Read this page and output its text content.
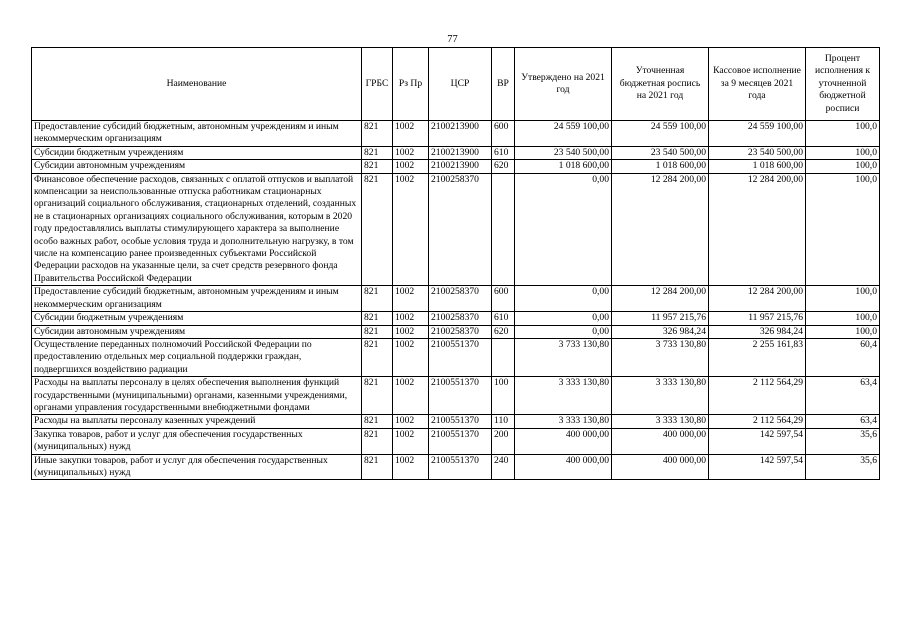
77
Наименование	ГРБС	Рз Пр	ЦСР	ВР	Утверждено на 2021 год	Уточненная бюджетная роспись на 2021 год	Кассовое исполнение за 9 месяцев 2021 года	Процент исполнения к уточненной бюджетной росписи
Предоставление субсидий бюджетным, автономным учреждениям и иным некоммерческим организациям	821	1002	2100213900	600	24 559 100,00	24 559 100,00	24 559 100,00	100,0
Субсидии бюджетным учреждениям	821	1002	2100213900	610	23 540 500,00	23 540 500,00	23 540 500,00	100,0
Субсидии автономным учреждениям	821	1002	2100213900	620	1 018 600,00	1 018 600,00	1 018 600,00	100,0
Финансовое обеспечение расходов, связанных с оплатой отпусков и выплатой компенсации за неиспользованные отпуска работникам стационарных организаций социального обслуживания, стационарных отделений, созданных не в стационарных организациях социального обслуживания, которым в 2020 году предоставлялись выплаты стимулирующего характера за выполнение особо важных работ, особые условия труда и дополнительную нагрузку, в том числе на компенсацию ранее произведенных субъектами Российской Федерации расходов на указанные цели, за счет средств резервного фонда Правительства Российской Федерации	821	1002	2100258370		0,00	12 284 200,00	12 284 200,00	100,0
Предоставление субсидий бюджетным, автономным учреждениям и иным некоммерческим организациям	821	1002	2100258370	600	0,00	12 284 200,00	12 284 200,00	100,0
Субсидии бюджетным учреждениям	821	1002	2100258370	610	0,00	11 957 215,76	11 957 215,76	100,0
Субсидии автономным учреждениям	821	1002	2100258370	620	0,00	326 984,24	326 984,24	100,0
Осуществление переданных полномочий Российской Федерации по предоставлению отдельных мер социальной поддержки граждан, подвергшихся воздействию радиации	821	1002	2100551370		3 733 130,80	3 733 130,80	2 255 161,83	60,4
Расходы на выплаты персоналу в целях обеспечения выполнения функций государственными (муниципальными) органами, казенными учреждениями, органами управления государственными внебюджетными фондами	821	1002	2100551370	100	3 333 130,80	3 333 130,80	2 112 564,29	63,4
Расходы на выплаты персоналу казенных учреждений	821	1002	2100551370	110	3 333 130,80	3 333 130,80	2 112 564,29	63,4
Закупка товаров, работ и услуг для обеспечения государственных (муниципальных) нужд	821	1002	2100551370	200	400 000,00	400 000,00	142 597,54	35,6
Иные закупки товаров, работ и услуг для обеспечения государственных (муниципальных) нужд	821	1002	2100551370	240	400 000,00	400 000,00	142 597,54	35,6
